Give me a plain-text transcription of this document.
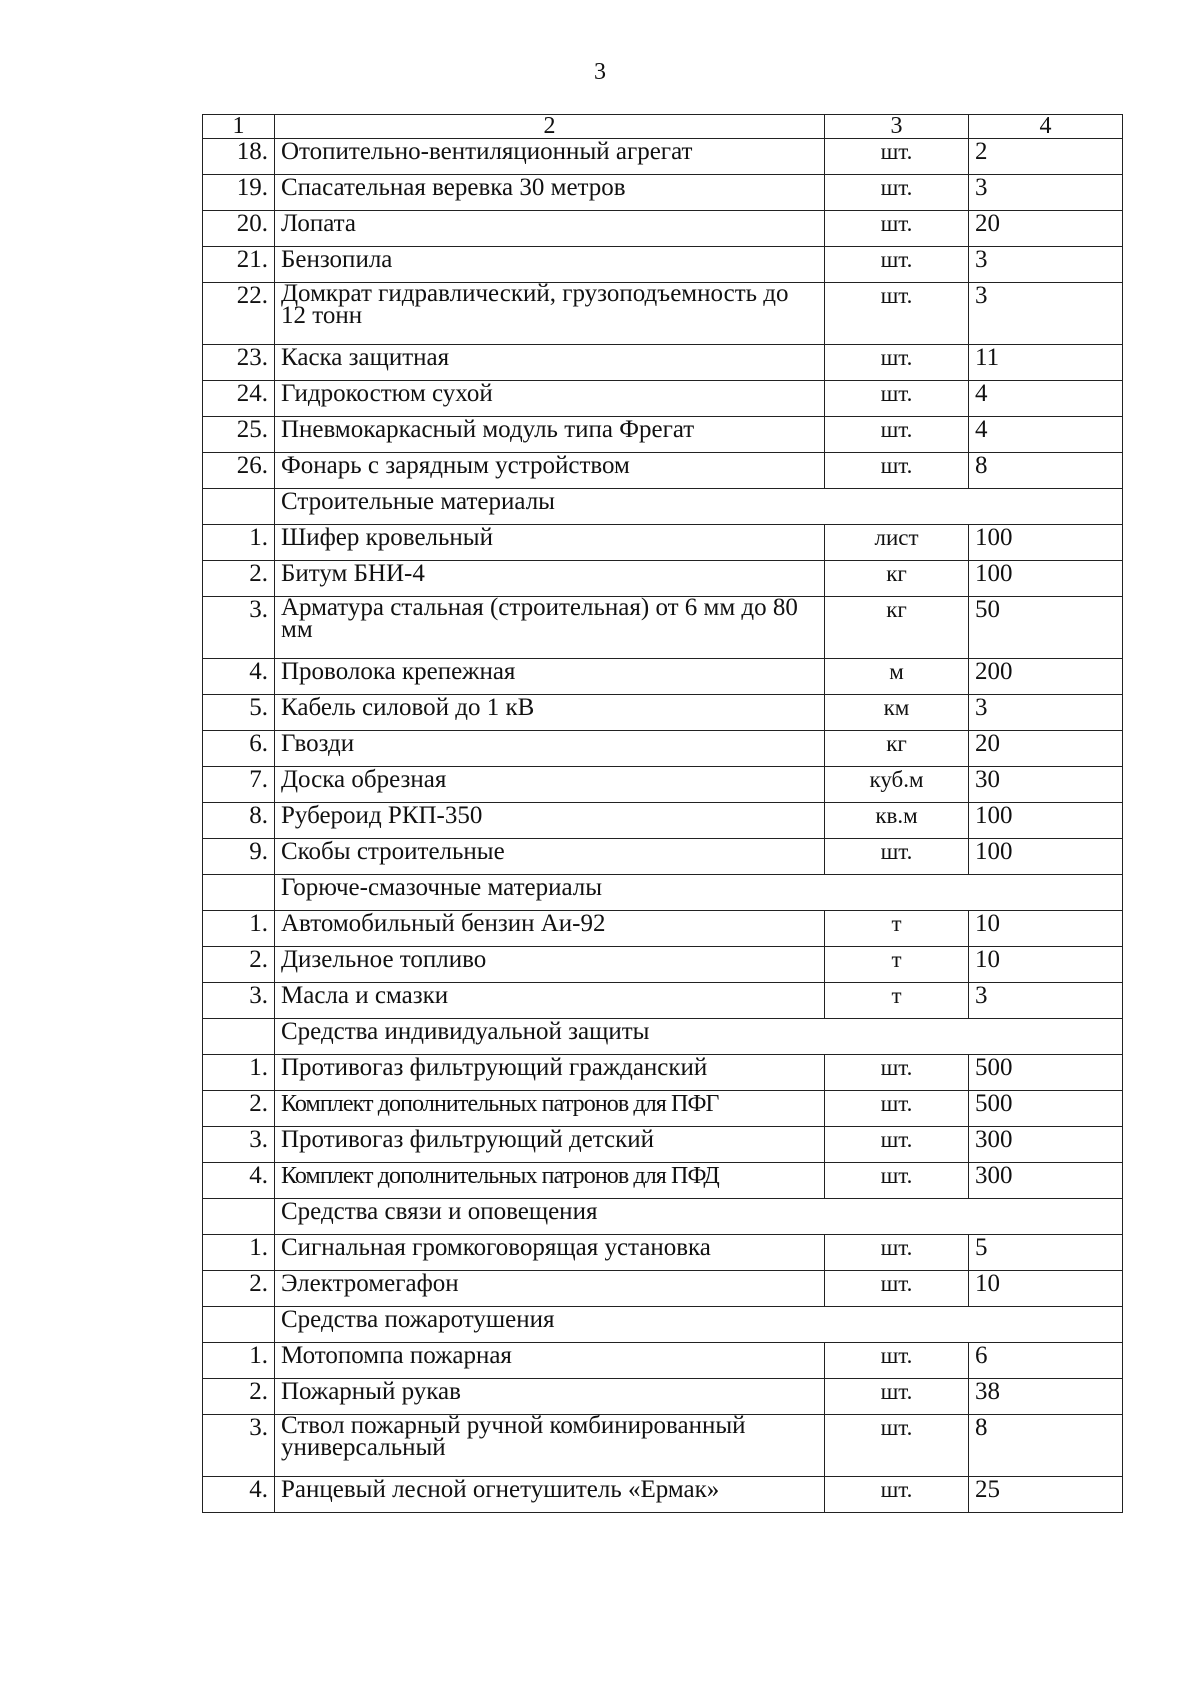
3
1	2	3	4
18.	Отопительно-вентиляционный агрегат	шт.	2
19.	Спасательная веревка 30 метров	шт.	3
20.	Лопата	шт.	20
21.	Бензопила	шт.	3
22.	Домкрат гидравлический, грузоподъемность до 12 тонн	шт.	3
23.	Каска защитная	шт.	11
24.	Гидрокостюм сухой	шт.	4
25.	Пневмокаркасный модуль типа Фрегат	шт.	4
26.	Фонарь с зарядным устройством	шт.	8
	Строительные материалы		
1.	Шифер кровельный	лист	100
2.	Битум БНИ-4	кг	100
3.	Арматура стальная (строительная) от 6 мм до 80 мм	кг	50
4.	Проволока крепежная	м	200
5.	Кабель силовой до 1 кВ	км	3
6.	Гвозди	кг	20
7.	Доска обрезная	куб.м	30
8.	Рубероид РКП-350	кв.м	100
9.	Скобы строительные	шт.	100
	Горюче-смазочные материалы		
1.	Автомобильный бензин Аи-92	т	10
2.	Дизельное топливо	т	10
3.	Масла и смазки	т	3
	Средства индивидуальной защиты		
1.	Противогаз фильтрующий гражданский	шт.	500
2.	Комплект дополнительных патронов для ПФГ	шт.	500
3.	Противогаз фильтрующий детский	шт.	300
4.	Комплект дополнительных патронов для ПФД	шт.	300
	Средства связи и оповещения		
1.	Сигнальная громкоговорящая установка	шт.	5
2.	Электромегафон	шт.	10
	Средства пожаротушения		
1.	Мотопомпа пожарная	шт.	6
2.	Пожарный рукав	шт.	38
3.	Ствол пожарный ручной комбинированный универсальный	шт.	8
4.	Ранцевый лесной огнетушитель «Ермак»	шт.	25
